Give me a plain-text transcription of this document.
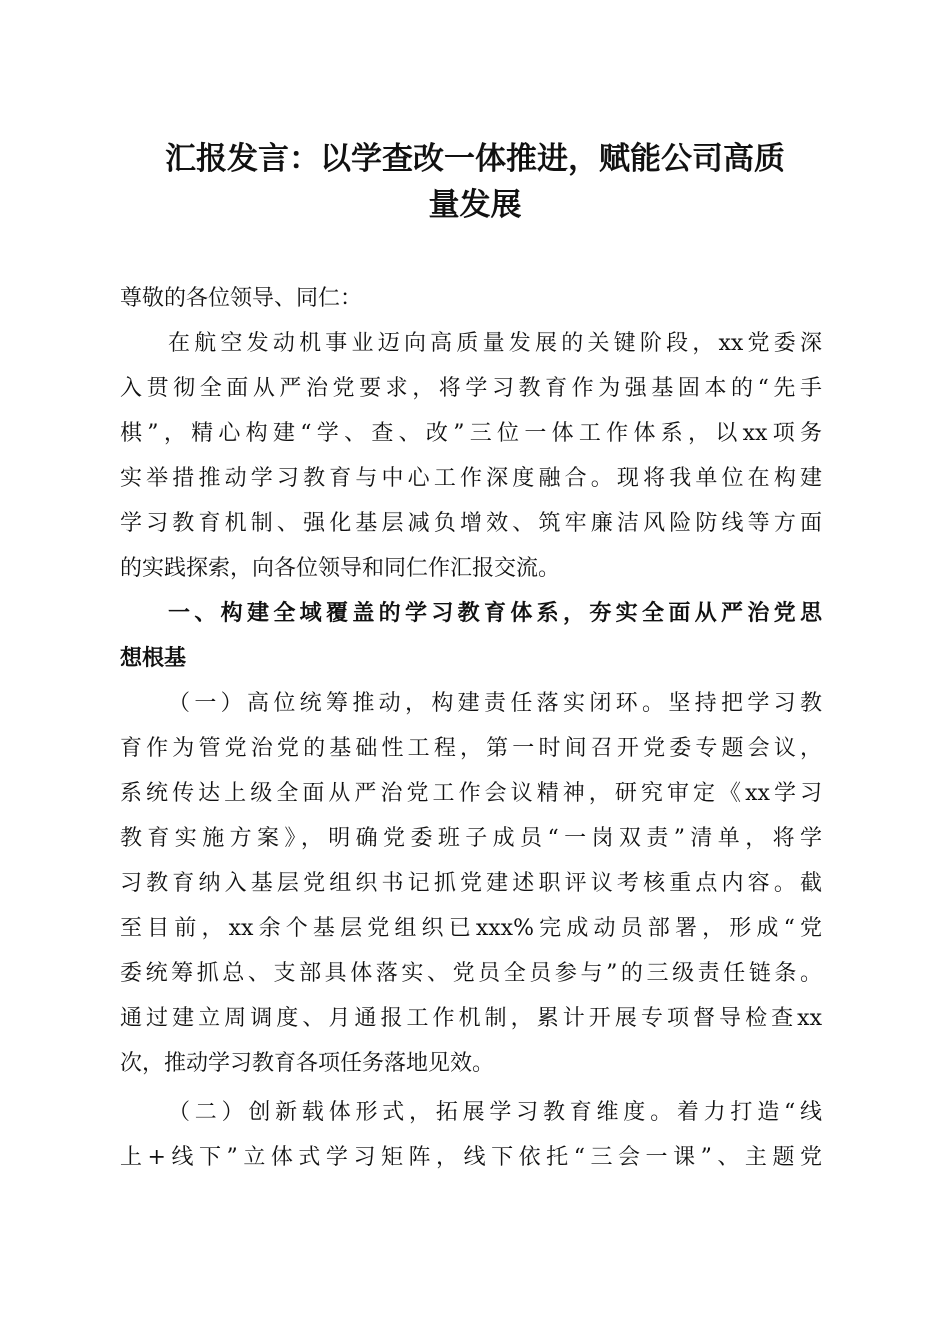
汇报发言：以学查改一体推进，赋能公司高质
量发展
尊敬的各位领导、同仁：
在航空发动机事业迈向高质量发展的关键阶段，xx党委深
入贯彻全面从严治党要求，将学习教育作为强基固本的“先手
棋”，精心构建“学、查、改”三位一体工作体系，以xx项务
实举措推动学习教育与中心工作深度融合。现将我单位在构建
学习教育机制、强化基层减负增效、筑牢廉洁风险防线等方面
的实践探索，向各位领导和同仁作汇报交流。
一、构建全域覆盖的学习教育体系，夯实全面从严治党思
想根基
（一）高位统筹推动，构建责任落实闭环。坚持把学习教
育作为管党治党的基础性工程，第一时间召开党委专题会议，
系统传达上级全面从严治党工作会议精神，研究审定《xx学习
教育实施方案》，明确党委班子成员“一岗双责”清单，将学
习教育纳入基层党组织书记抓党建述职评议考核重点内容。截
至目前，xx余个基层党组织已xxx%完成动员部署，形成“党
委统筹抓总、支部具体落实、党员全员参与”的三级责任链条。
通过建立周调度、月通报工作机制，累计开展专项督导检查xx
次，推动学习教育各项任务落地见效。
（二）创新载体形式，拓展学习教育维度。着力打造“线
上+线下”立体式学习矩阵，线下依托“三会一课”、主题党
